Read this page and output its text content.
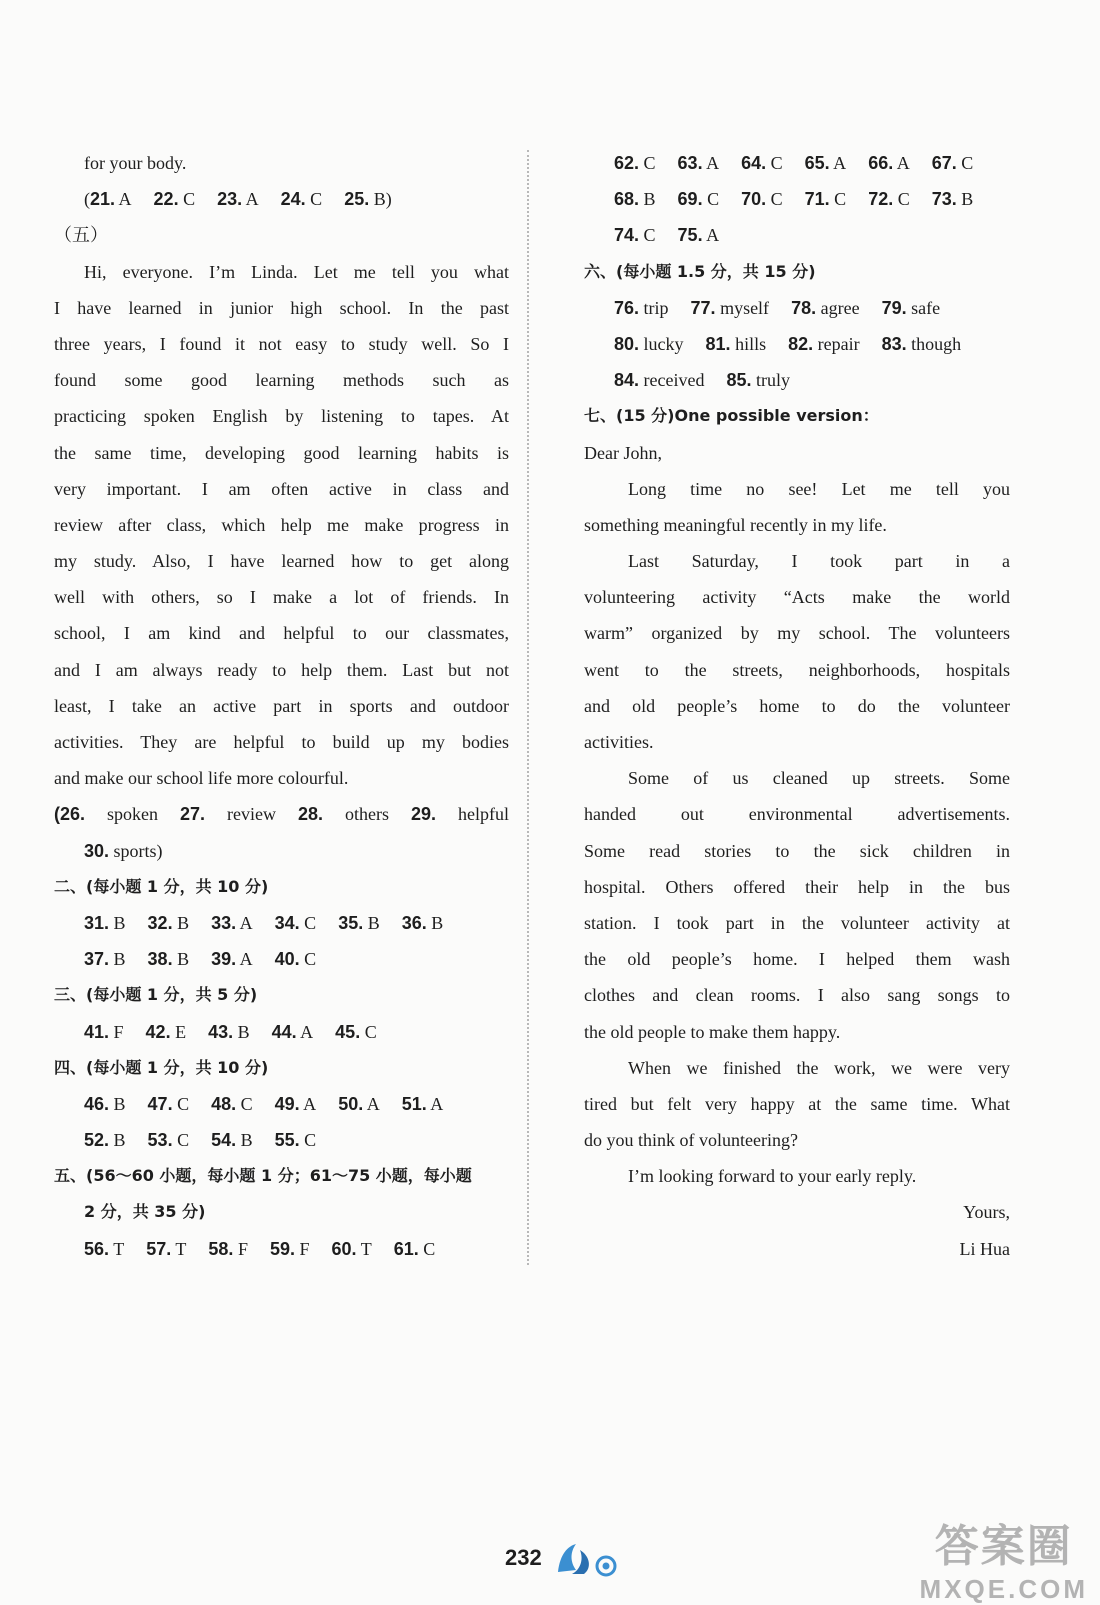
for your body.
(21. A 22. C 23. A 24. C 25. B)
（五）
Hi, everyone. I’m Linda. Let me tell you what
I have learned in junior high school. In the past
three years, I found it not easy to study well. So I
found some good learning methods such as
practicing spoken English by listening to tapes. At
the same time, developing good learning habits is
very important. I am often active in class and
review after class, which help me make progress in
my study. Also, I have learned how to get along
well with others, so I make a lot of friends. In
school, I am kind and helpful to our classmates,
and I am always ready to help them. Last but not
least, I take an active part in sports and outdoor
activities. They are helpful to build up my bodies
and make our school life more colourful.
(26. spoken 27. review 28. others 29. helpful
30. sports)
二、(每小题 1 分，共 10 分)
31. B 32. B 33. A 34. C 35. B 36. B
37. B 38. B 39. A 40. C
三、(每小题 1 分，共 5 分)
41. F 42. E 43. B 44. A 45. C
四、(每小题 1 分，共 10 分)
46. B 47. C 48. C 49. A 50. A 51. A
52. B 53. C 54. B 55. C
五、(56～60 小题，每小题 1 分；61～75 小题，每小题
2 分，共 35 分)
56. T 57. T 58. F 59. F 60. T 61. C
62. C 63. A 64. C 65. A 66. A 67. C
68. B 69. C 70. C 71. C 72. C 73. B
74. C 75. A
六、(每小题 1.5 分，共 15 分)
76. trip 77. myself 78. agree 79. safe
80. lucky 81. hills 82. repair 83. though
84. received 85. truly
七、(15 分)One possible version：
Dear John,
Long time no see! Let me tell you
something meaningful recently in my life.
Last Saturday, I took part in a
volunteering activity “Acts make the world
warm” organized by my school. The volunteers
went to the streets, neighborhoods, hospitals
and old people’s home to do the volunteer
activities.
Some of us cleaned up streets. Some
handed out environmental advertisements.
Some read stories to the sick children in
hospital. Others offered their help in the bus
station. I took part in the volunteer activity at
the old people’s home. I helped them wash
clothes and clean rooms. I also sang songs to
the old people to make them happy.
When we finished the work, we were very
tired but felt very happy at the same time. What
do you think of volunteering?
I’m looking forward to your early reply.
Yours,
Li Hua
232	答案圈
MXQE.COM
